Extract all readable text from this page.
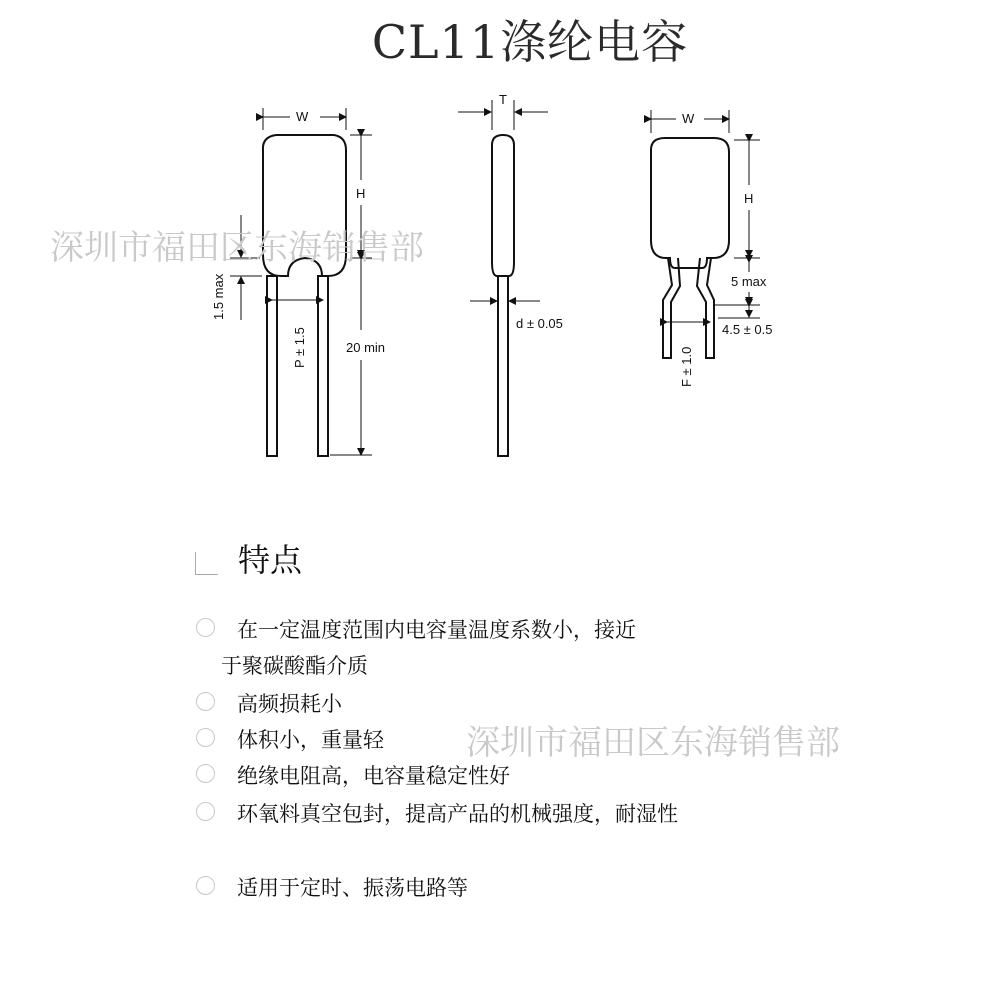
CL11涤纶电容
W
H
20 min
1.5 max
P ± 1.5
T
d ± 0.05
W
H
5 max
4.5 ± 0.5
F ± 1.0
深圳市福田区东海销售部
特点
在一定温度范围内电容量温度系数小，接近
于聚碳酸酯介质
高频损耗小
体积小，重量轻
绝缘电阻高，电容量稳定性好
环氧料真空包封，提高产品的机械强度，耐湿性
适用于定时、振荡电路等
深圳市福田区东海销售部
